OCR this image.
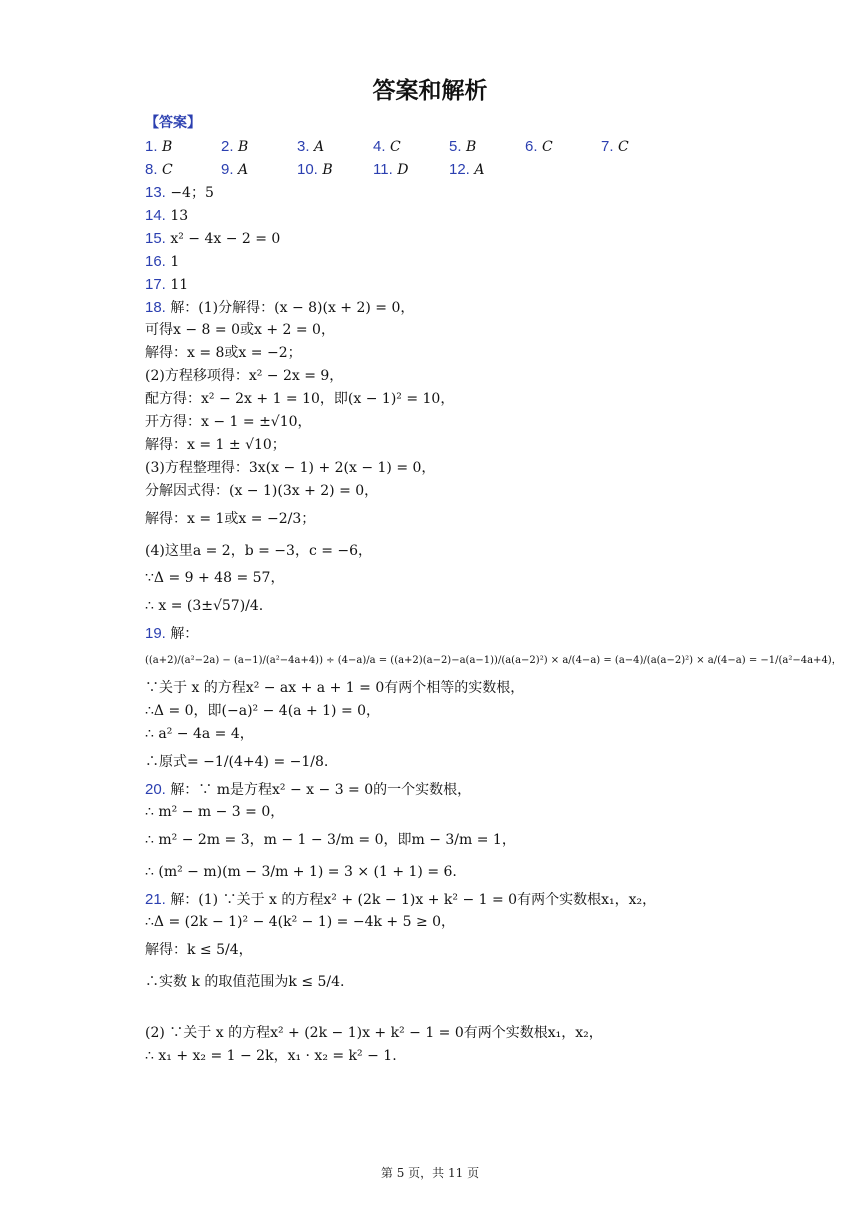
答案和解析
【答案】
1. B	2. B	3. A	4. C	5. B	6. C	7. C
8. C	9. A	10. B	11. D	12. A
13. −4；5
14. 13
15. x² − 4x − 2 = 0
16. 1
17. 11
18. 解：(1)分解得：(x − 8)(x + 2) = 0，
可得x − 8 = 0或x + 2 = 0，
解得：x = 8或x = −2；
(2)方程移项得：x² − 2x = 9，
配方得：x² − 2x + 1 = 10，即(x − 1)² = 10，
开方得：x − 1 = ±√10，
解得：x = 1 ± √10；
(3)方程整理得：3x(x − 1) + 2(x − 1) = 0，
分解因式得：(x − 1)(3x + 2) = 0，
解得：x = 1或x = −2/3；
(4)这里a = 2，b = −3，c = −6，
∵Δ = 9 + 48 = 57，
∴ x = (3±√57)/4.
19. 解：
((a+2)/(a²−2a) − (a−1)/(a²−4a+4)) ÷ (4−a)/a = ((a+2)(a−2)−a(a−1))/(a(a−2)²) × a/(4−a) = (a−4)/(a(a−2)²) × a/(4−a) = −1/(a²−4a+4)，
∵关于 x 的方程x² − ax + a + 1 = 0有两个相等的实数根，
∴Δ = 0，即(−a)² − 4(a + 1) = 0，
∴ a² − 4a = 4，
∴原式= −1/(4+4) = −1/8.
20. 解：∵ m是方程x² − x − 3 = 0的一个实数根，
∴ m² − m − 3 = 0，
∴ m² − 2m = 3，m − 1 − 3/m = 0，即m − 3/m = 1，
∴ (m² − m)(m − 3/m + 1) = 3 × (1 + 1) = 6.
21. 解：(1) ∵关于 x 的方程x² + (2k − 1)x + k² − 1 = 0有两个实数根x₁，x₂，
∴Δ = (2k − 1)² − 4(k² − 1) = −4k + 5 ≥ 0，
解得：k ≤ 5/4，
∴实数 k 的取值范围为k ≤ 5/4.
(2) ∵关于 x 的方程x² + (2k − 1)x + k² − 1 = 0有两个实数根x₁，x₂，
∴ x₁ + x₂ = 1 − 2k，x₁ · x₂ = k² − 1.
第 5 页，共 11 页
